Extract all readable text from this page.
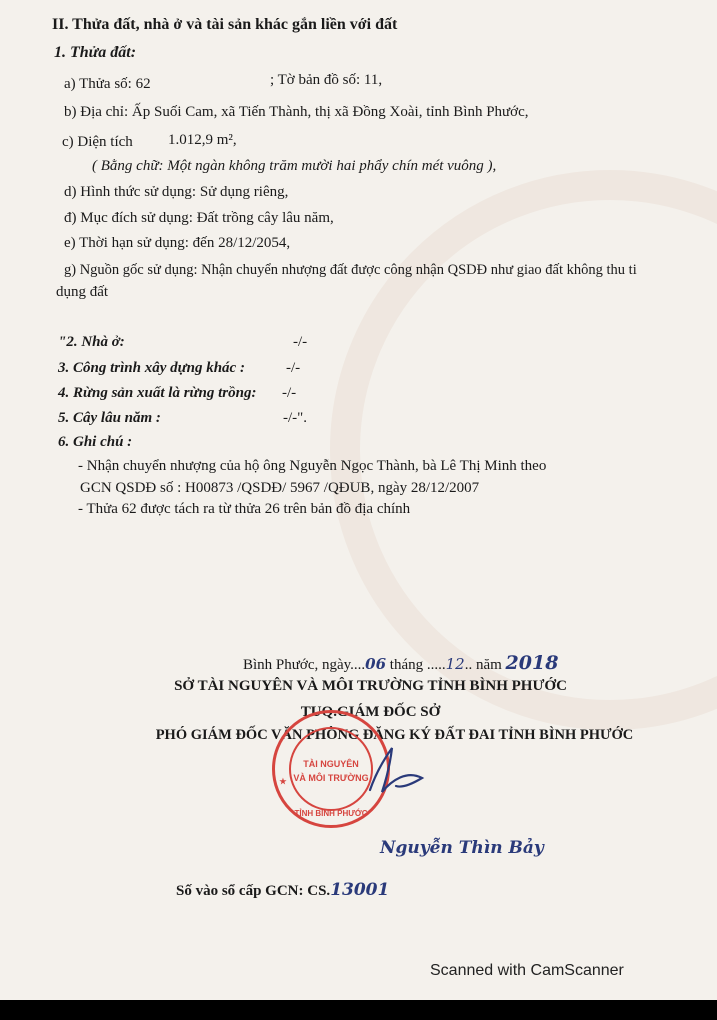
II. Thửa đất, nhà ở và tài sản khác gắn liền với đất
1. Thửa đất:
a) Thửa số: 62	; Tờ bản đồ số: 11,
b) Địa chỉ: Ấp Suối Cam, xã Tiến Thành, thị xã Đồng Xoài, tỉnh Bình Phước,
c) Diện tích 1.012,9 m²,
( Bằng chữ: Một ngàn không trăm mười hai phẩy chín mét vuông ),
d) Hình thức sử dụng: Sử dụng riêng,
đ) Mục đích sử dụng: Đất trồng cây lâu năm,
e) Thời hạn sử dụng: đến 28/12/2054,
g) Nguồn gốc sử dụng: Nhận chuyển nhượng đất được công nhận QSDĐ như giao đất không thu ti
dụng đất
"2. Nhà ở:	-/-
3. Công trình xây dựng khác :	-/-
4. Rừng sản xuất là rừng trồng: -/-
5. Cây lâu năm :	-/-".
6. Ghi chú :
- Nhận chuyển nhượng của hộ ông Nguyễn Ngọc Thành, bà Lê Thị Minh theo
GCN QSDĐ số : H00873 /QSDĐ/ 5967 /QĐUB, ngày 28/12/2007
- Thửa 62 được tách ra từ thửa 26 trên bản đồ địa chính
Bình Phước, ngày....06 tháng .....12.. năm 2018
SỞ TÀI NGUYÊN VÀ MÔI TRƯỜNG TỈNH BÌNH PHƯỚC
TUQ.GIÁM ĐỐC SỞ
PHÓ GIÁM ĐỐC VĂN PHÒNG ĐĂNG KÝ ĐẤT ĐAI TỈNH BÌNH PHƯỚC
TÀI NGUYÊN
VÀ MÔI TRƯỜNG
TỈNH BÌNH PHƯỚC
★
Nguyễn Thìn Bảy
Số vào sổ cấp GCN: CS.13001
Scanned with CamScanner
